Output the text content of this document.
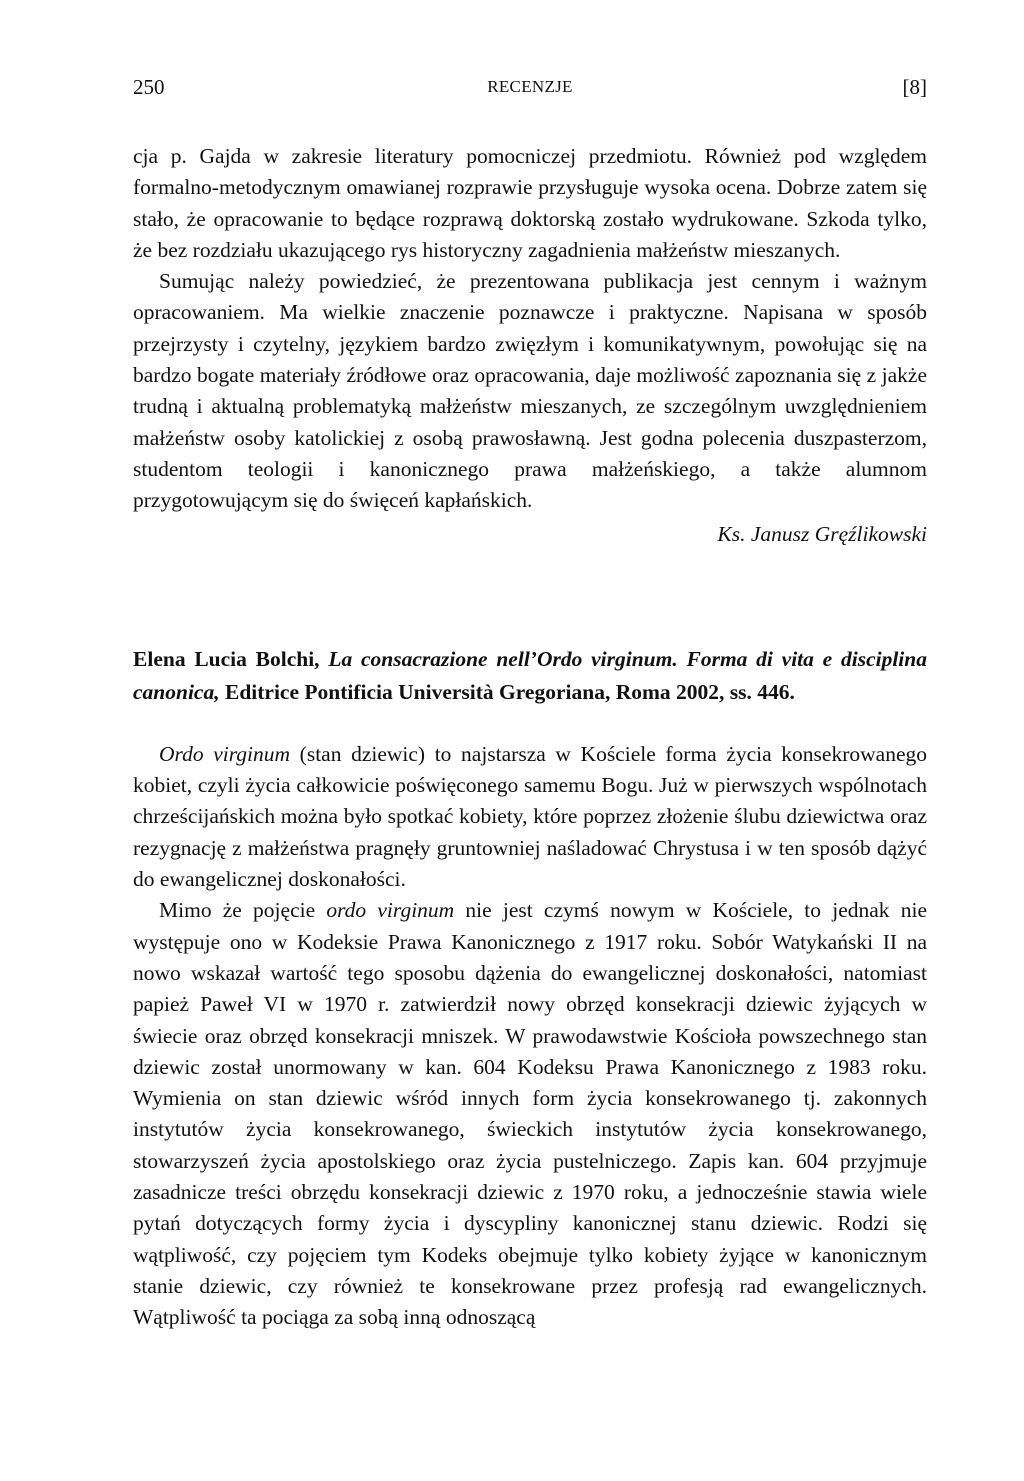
250	RECENZJE	[8]

cja p. Gajda w zakresie literatury pomocniczej przedmiotu. Również pod względem formalno-metodycznym omawianej rozprawie przysługuje wysoka ocena. Dobrze zatem się stało, że opracowanie to będące rozprawą doktorską zostało wydrukowane. Szkoda tylko, że bez rozdziału ukazującego rys historyczny zagadnienia małżeństw mieszanych.

Sumując należy powiedzieć, że prezentowana publikacja jest cennym i ważnym opracowaniem. Ma wielkie znaczenie poznawcze i praktyczne. Napisana w sposób przejrzysty i czytelny, językiem bardzo zwięzłym i komunikatywnym, powołując się na bardzo bogate materiały źródłowe oraz opracowania, daje możliwość zapoznania się z jakże trudną i aktualną problematyką małżeństw mieszanych, ze szczególnym uwzględnieniem małżeństw osoby katolickiej z osobą prawosławną. Jest godna polecenia duszpasterzom, studentom teologii i kanonicznego prawa małżeńskiego, a także alumnom przygotowującym się do święceń kapłańskich.

Ks. Janusz Gręźlikowski
Elena Lucia Bolchi, La consacrazione nell’Ordo virginum. Forma di vita e disciplina canonica, Editrice Pontificia Università Gregoriana, Roma 2002, ss. 446.

Ordo virginum (stan dziewic) to najstarsza w Kościele forma życia konsekrowanego kobiet, czyli życia całkowicie poświęconego samemu Bogu. Już w pierwszych wspólnotach chrześcijańskich można było spotkać kobiety, które poprzez złożenie ślubu dziewictwa oraz rezygnację z małżeństwa pragnęły gruntowniej naśladować Chrystusa i w ten sposób dążyć do ewangelicznej doskonałości.

Mimo że pojęcie ordo virginum nie jest czymś nowym w Kościele, to jednak nie występuje ono w Kodeksie Prawa Kanonicznego z 1917 roku. Sobór Watykański II na nowo wskazał wartość tego sposobu dążenia do ewangelicznej doskonałości, natomiast papież Paweł VI w 1970 r. zatwierdził nowy obrzęd konsekracji dziewic żyjących w świecie oraz obrzęd konsekracji mniszek. W prawodawstwie Kościoła powszechnego stan dziewic został unormowany w kan. 604 Kodeksu Prawa Kanonicznego z 1983 roku. Wymienia on stan dziewic wśród innych form życia konsekrowanego tj. zakonnych instytutów życia konsekrowanego, świeckich instytutów życia konsekrowanego, stowarzyszeń życia apostolskiego oraz życia pustelniczego. Zapis kan. 604 przyjmuje zasadnicze treści obrzędu konsekracji dziewic z 1970 roku, a jednocześnie stawia wiele pytań dotyczących formy życia i dyscypliny kanonicznej stanu dziewic. Rodzi się wątpliwość, czy pojęciem tym Kodeks obejmuje tylko kobiety żyjące w kanonicznym stanie dziewic, czy również te konsekrowane przez profesją rad ewangelicznych. Wątpliwość ta pociąga za sobą inną odnoszącą
